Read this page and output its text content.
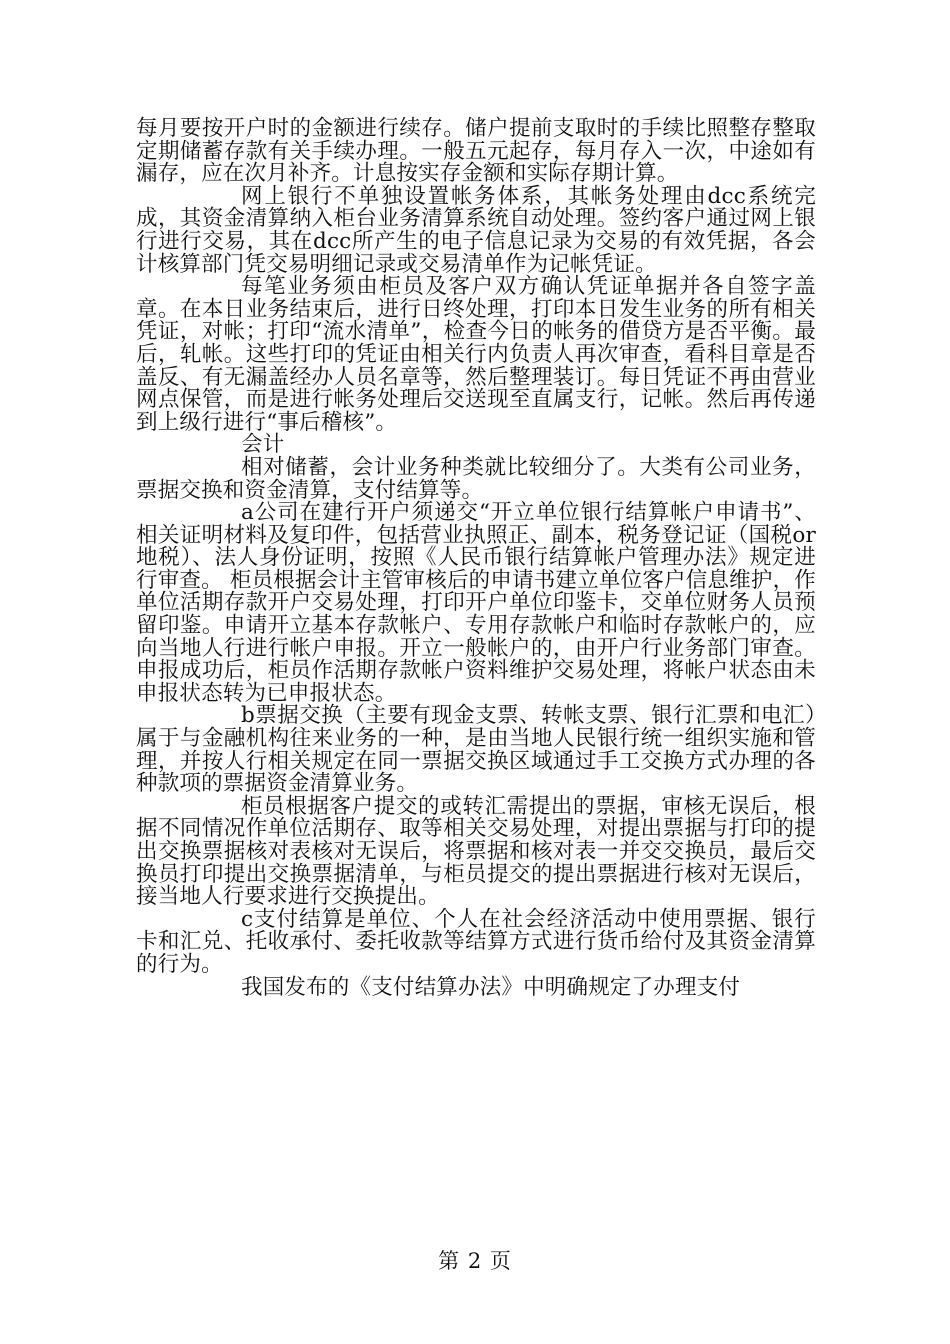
每月要按开户时的金额进行续存。储户提前支取时的手续比照整存整取定期储蓄存款有关手续办理。一般五元起存，每月存入一次，中途如有漏存，应在次月补齐。计息按实存金额和实际存期计算。

网上银行不单独设置帐务体系，其帐务处理由dcc系统完成，其资金清算纳入柜台业务清算系统自动处理。签约客户通过网上银行进行交易，其在dcc所产生的电子信息记录为交易的有效凭据，各会计核算部门凭交易明细记录或交易清单作为记帐凭证。

每笔业务须由柜员及客户双方确认凭证单据并各自签字盖章。在本日业务结束后，进行日终处理，打印本日发生业务的所有相关凭证，对帐；打印“流水清单”，检查今日的帐务的借贷方是否平衡。最后，轧帐。这些打印的凭证由相关行内负责人再次审查，看科目章是否盖反、有无漏盖经办人员名章等，然后整理装订。每日凭证不再由营业网点保管，而是进行帐务处理后交送现至直属支行，记帐。然后再传递到上级行进行“事后稽核”。

会计

相对储蓄，会计业务种类就比较细分了。大类有公司业务，票据交换和资金清算，支付结算等。

a公司在建行开户须递交“开立单位银行结算帐户申请书”、相关证明材料及复印件，包括营业执照正、副本，税务登记证（国税or地税）、法人身份证明，按照《人民币银行结算帐户管理办法》规定进行审查。 柜员根据会计主管审核后的申请书建立单位客户信息维护，作单位活期存款开户交易处理，打印开户单位印鉴卡，交单位财务人员预留印鉴。申请开立基本存款帐户、专用存款帐户和临时存款帐户的，应向当地人行进行帐户申报。开立一般帐户的，由开户行业务部门审查。申报成功后，柜员作活期存款帐户资料维护交易处理，将帐户状态由未申报状态转为已申报状态。

b票据交换（主要有现金支票、转帐支票、银行汇票和电汇）属于与金融机构往来业务的一种，是由当地人民银行统一组织实施和管理，并按人行相关规定在同一票据交换区域通过手工交换方式办理的各种款项的票据资金清算业务。

柜员根据客户提交的或转汇需提出的票据，审核无误后，根据不同情况作单位活期存、取等相关交易处理，对提出票据与打印的提出交换票据核对表核对无误后，将票据和核对表一并交交换员，最后交换员打印提出交换票据清单，与柜员提交的提出票据进行核对无误后，接当地人行要求进行交换提出。

c支付结算是单位、个人在社会经济活动中使用票据、银行卡和汇兑、托收承付、委托收款等结算方式进行货币给付及其资金清算的行为。

我国发布的《支付结算办法》中明确规定了办理支付

第 2 页
